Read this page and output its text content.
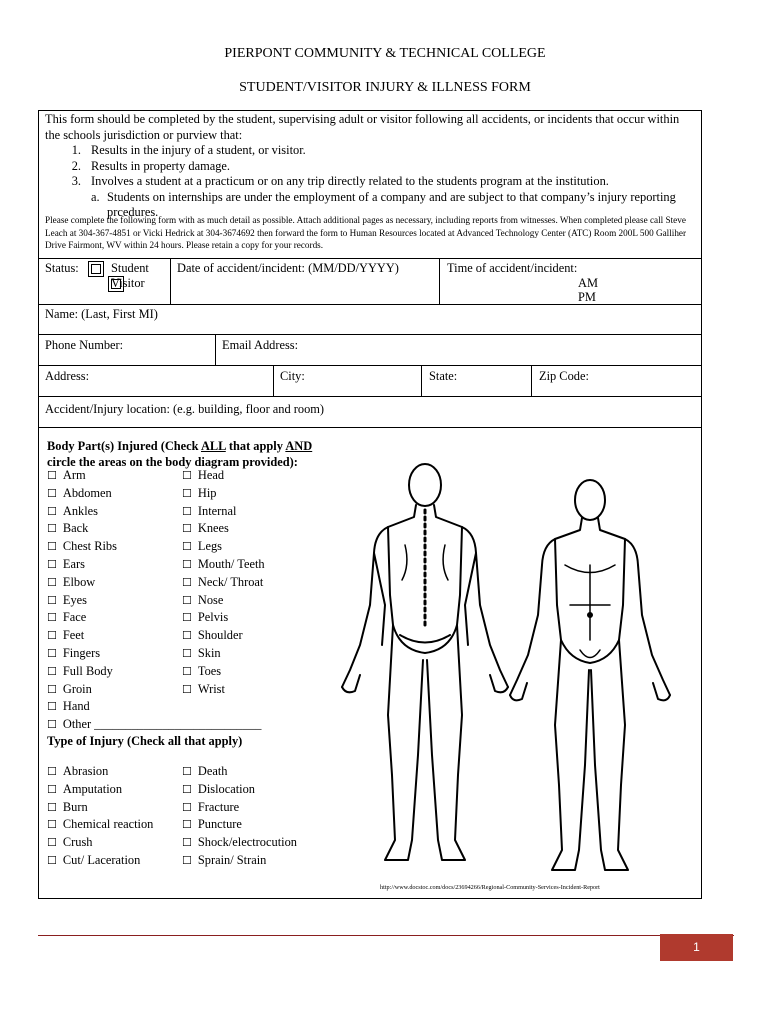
PIERPONT COMMUNITY & TECHNICAL COLLEGE
STUDENT/VISITOR INJURY & ILLNESS FORM
This form should be completed by the student, supervising adult or visitor following all accidents, or incidents that occur within the schools jurisdiction or purview that:
1. Results in the injury of a student, or visitor.
2. Results in property damage.
3. Involves a student at a practicum or on any trip directly related to the students program at the institution.
a. Students on internships are under the employment of a company and are subject to that company’s injury reporting prcedures.
Please complete the following form with as much detail as possible. Attach additional pages as necessary, including reports from witnesses. When completed please call Steve Leach at 304-367-4851 or Vicki Hedrick at 304-3674692 then forward the form to Human Resources located at Advanced Technology Center (ATC) Room 200L 500 Galliher Drive Fairmont, WV within 24 hours. Please retain a copy for your records.
Status:
	Student
Visitor
Date of accident/incident: (MM/DD/YYYY)	Time of accident/incident:
AM
PM
Name: (Last, First MI)
Phone Number:	Email Address:
Address:	City:	State:	Zip Code:
Accident/Injury location: (e.g. building, floor and room)
Body Part(s) Injured (Check ALL that apply AND
circle the areas on the body diagram provided):
☐ Arm
☐ Abdomen
☐ Ankles
☐ Back
☐ Chest Ribs
☐ Ears
☐ Elbow
☐ Eyes
☐ Face
☐ Feet
☐ Fingers
☐ Full Body
☐ Groin
☐ Hand
☐ Other ___________________________
☐ Head
☐ Hip
☐ Internal
☐ Knees
☐ Legs
☐ Mouth/ Teeth
☐ Neck/ Throat
☐ Nose
☐ Pelvis
☐ Shoulder
☐ Skin
☐ Toes
☐ Wrist
Type of Injury (Check all that apply)
☐ Abrasion
☐ Amputation
☐ Burn
☐ Chemical reaction
☐ Crush
☐ Cut/ Laceration
☐ Death
☐ Dislocation
☐ Fracture
☐ Puncture
☐ Shock/electrocution
☐ Sprain/ Strain
http://www.docstoc.com/docs/23694266/Regional-Community-Services-Incident-Report
1
